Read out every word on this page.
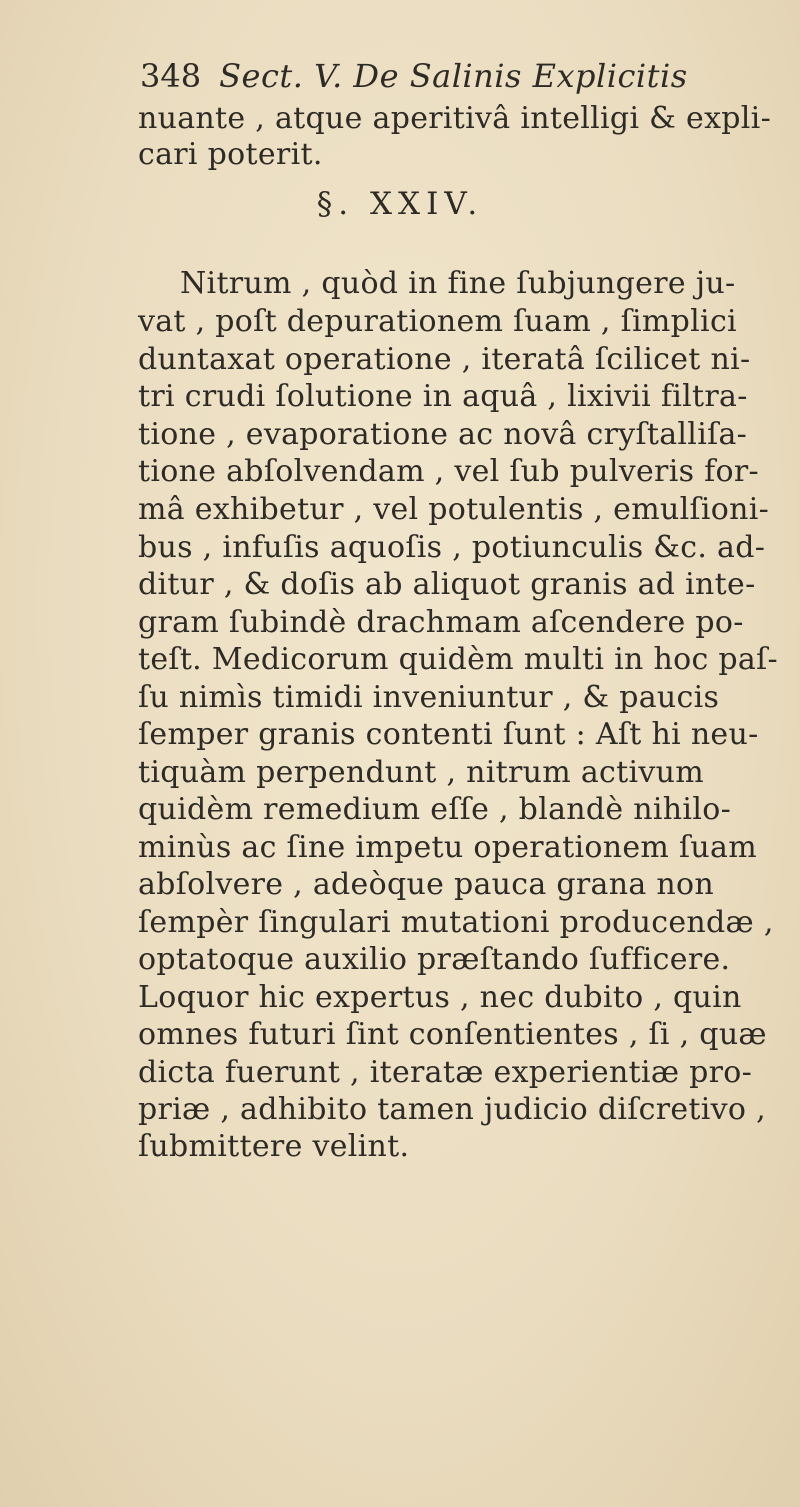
348 Sect. V. De Salinis Explicitis
nuante , atque aperitivâ intelligi & expli-
cari poterit.
§. XXIV.
Nitrum , quòd in fine ſubjungere ju-
vat , poſt depurationem ſuam , ſimplici
duntaxat operatione , iteratâ ſcilicet ni-
tri crudi ſolutione in aquâ , lixivii filtra-
tione , evaporatione ac novâ cryſtalliſa-
tione abſolvendam , vel ſub pulveris for-
mâ exhibetur , vel potulentis , emulſioni-
bus , infuſis aquoſis , potiunculis &c. ad-
ditur , & doſis ab aliquot granis ad inte-
gram ſubindè drachmam aſcendere po-
teſt. Medicorum quidèm multi in hoc paſ-
ſu nimìs timidi inveniuntur , & paucis
ſemper granis contenti ſunt : Aſt hi neu-
tiquàm perpendunt , nitrum activum
quidèm remedium eſſe , blandè nihilo-
minùs ac ſine impetu operationem ſuam
abſolvere , adeòque pauca grana non
ſempèr ſingulari mutationi producendæ ,
optatoque auxilio præſtando ſufficere.
Loquor hic expertus , nec dubito , quin
omnes futuri ſint conſentientes , ſi , quæ
dicta fuerunt , iteratæ experientiæ pro-
priæ , adhibito tamen judicio diſcretivo ,
ſubmittere velint.
